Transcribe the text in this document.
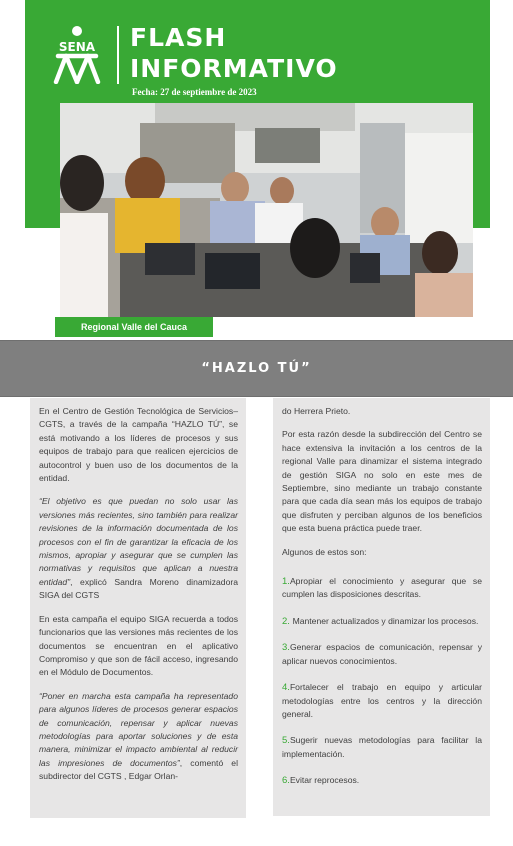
SENA FLASH
INFORMATIVO
Fecha: 27 de septiembre de 2023
Regional Valle del Cauca
“HAZLO TÚ”

En el Centro de Gestión Tecnológica de Servicios– CGTS, a través de la campaña “HAZLO TÚ”, se está motivando a los líderes de procesos y sus equipos de trabajo para que realicen ejercicios de autocontrol y buen uso de los documentos de la entidad.

“El objetivo es que puedan no solo usar las versiones más recientes, sino también para realizar revisiones de la información documentada de los procesos con el fin de garantizar la eficacia de los mismos, apropiar y asegurar que se cumplen las normativas y requisitos que aplican a nuestra entidad”, explicó Sandra Moreno dinamizadora SIGA del CGTS

En esta campaña el equipo SIGA recuerda a todos funcionarios que las versiones más recientes de los documentos se encuentran en el aplicativo Compromiso y que son de fácil acceso, ingresando en el Módulo de Documentos.

“Poner en marcha esta campaña ha representado para algunos líderes de procesos generar espacios de comunicación, repensar y aplicar nuevas metodologías para aportar soluciones y de esta manera, minimizar el impacto ambiental al reducir las impresiones de documentos”, comentó el subdirector del CGTS , Edgar Orlan-

do Herrera Prieto.

Por esta razón desde la subdirección del Centro se hace extensiva la invitación a los centros de la regional Valle para dinamizar el sistema integrado de gestión SIGA no solo en este mes de Septiembre, sino mediante un trabajo constante para que cada día sean más los equipos de trabajo que disfruten y perciban algunos de los beneficios que esta buena práctica puede traer.

Algunos de estos son:

1.Apropiar el conocimiento y asegurar que se cumplen las disposiciones descritas.
2. Mantener actualizados y dinamizar los procesos.
3.Generar espacios de comunicación, repensar y aplicar nuevos conocimientos.
4.Fortalecer el trabajo en equipo y articular metodologías entre los centros y la dirección general.
5.Sugerir nuevas metodologías para facilitar la implementación.
6.Evitar reprocesos.
